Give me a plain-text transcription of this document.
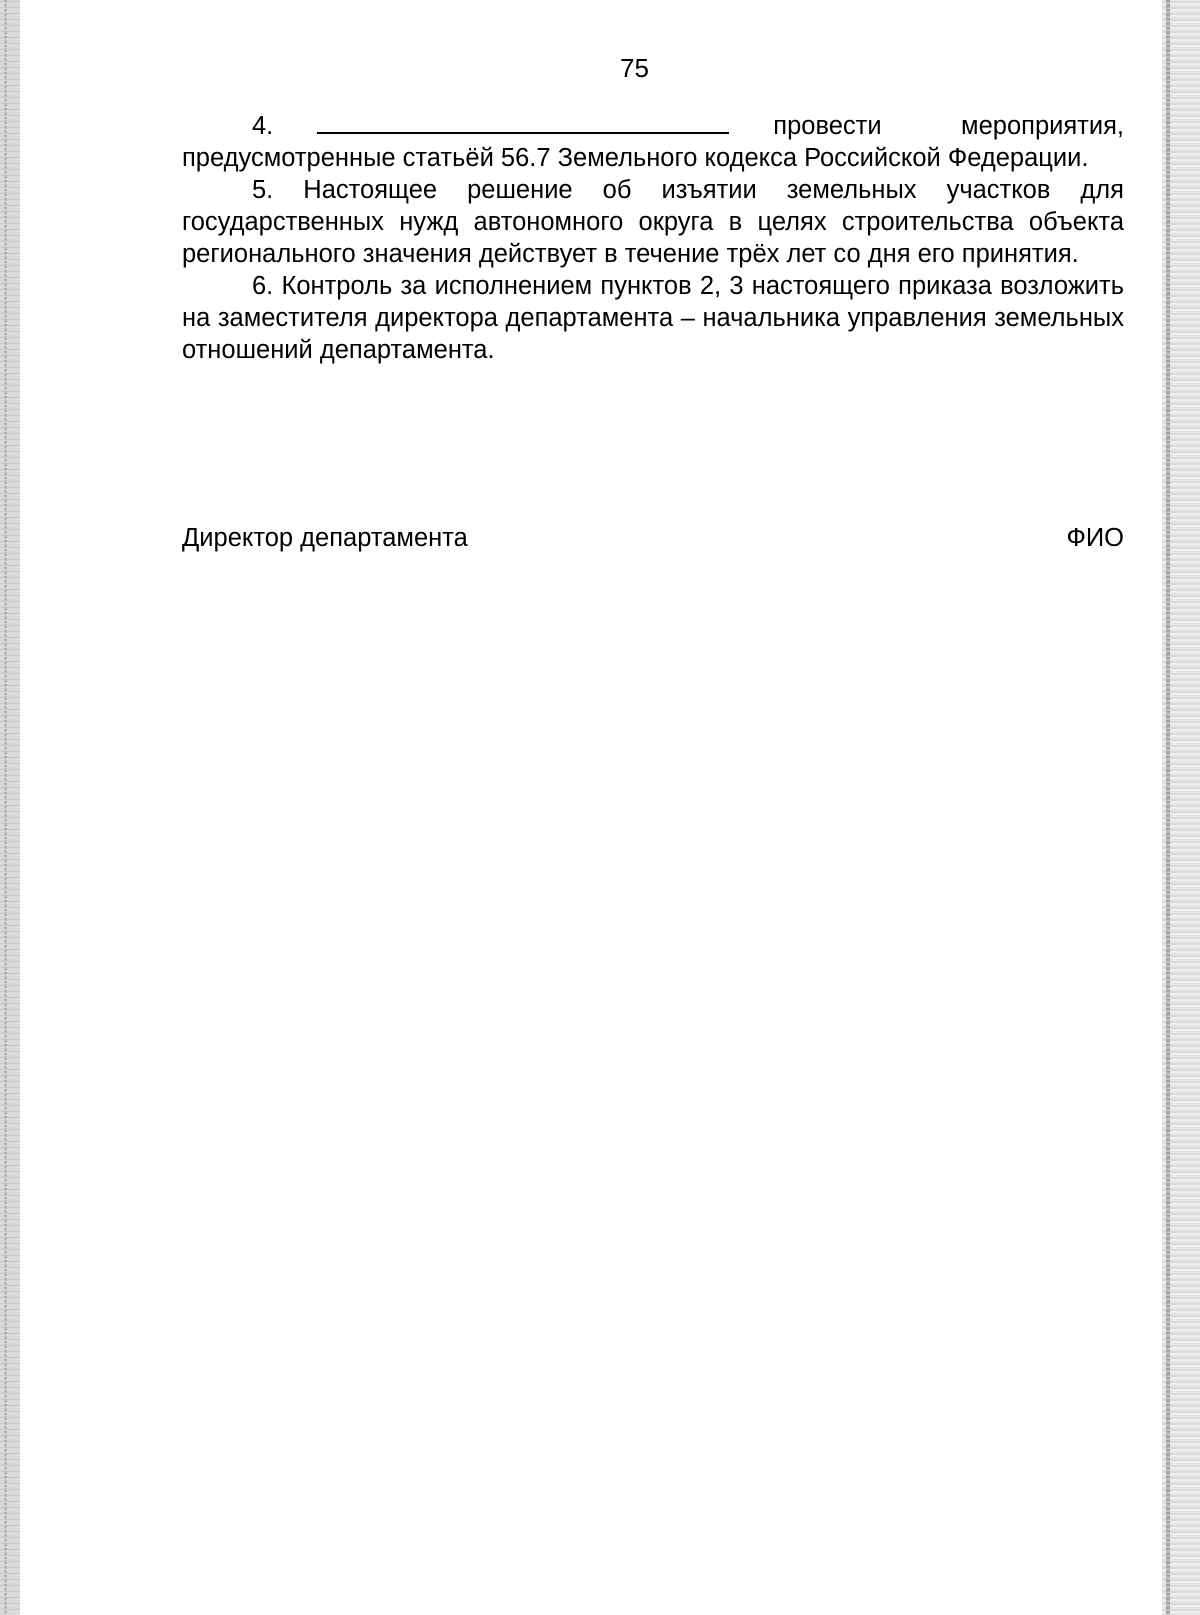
75

4.	провести мероприятия, предусмотренные статьёй 56.7 Земельного кодекса Российской Федерации.

5. Настоящее решение об изъятии земельных участков для государственных нужд автономного округа в целях строительства объекта регионального значения действует в течение трёх лет со дня его принятия.

6. Контроль за исполнением пунктов 2, 3 настоящего приказа возложить на заместителя директора департамента – начальника управления земельных отношений департамента.

Директор департамента	ФИО
